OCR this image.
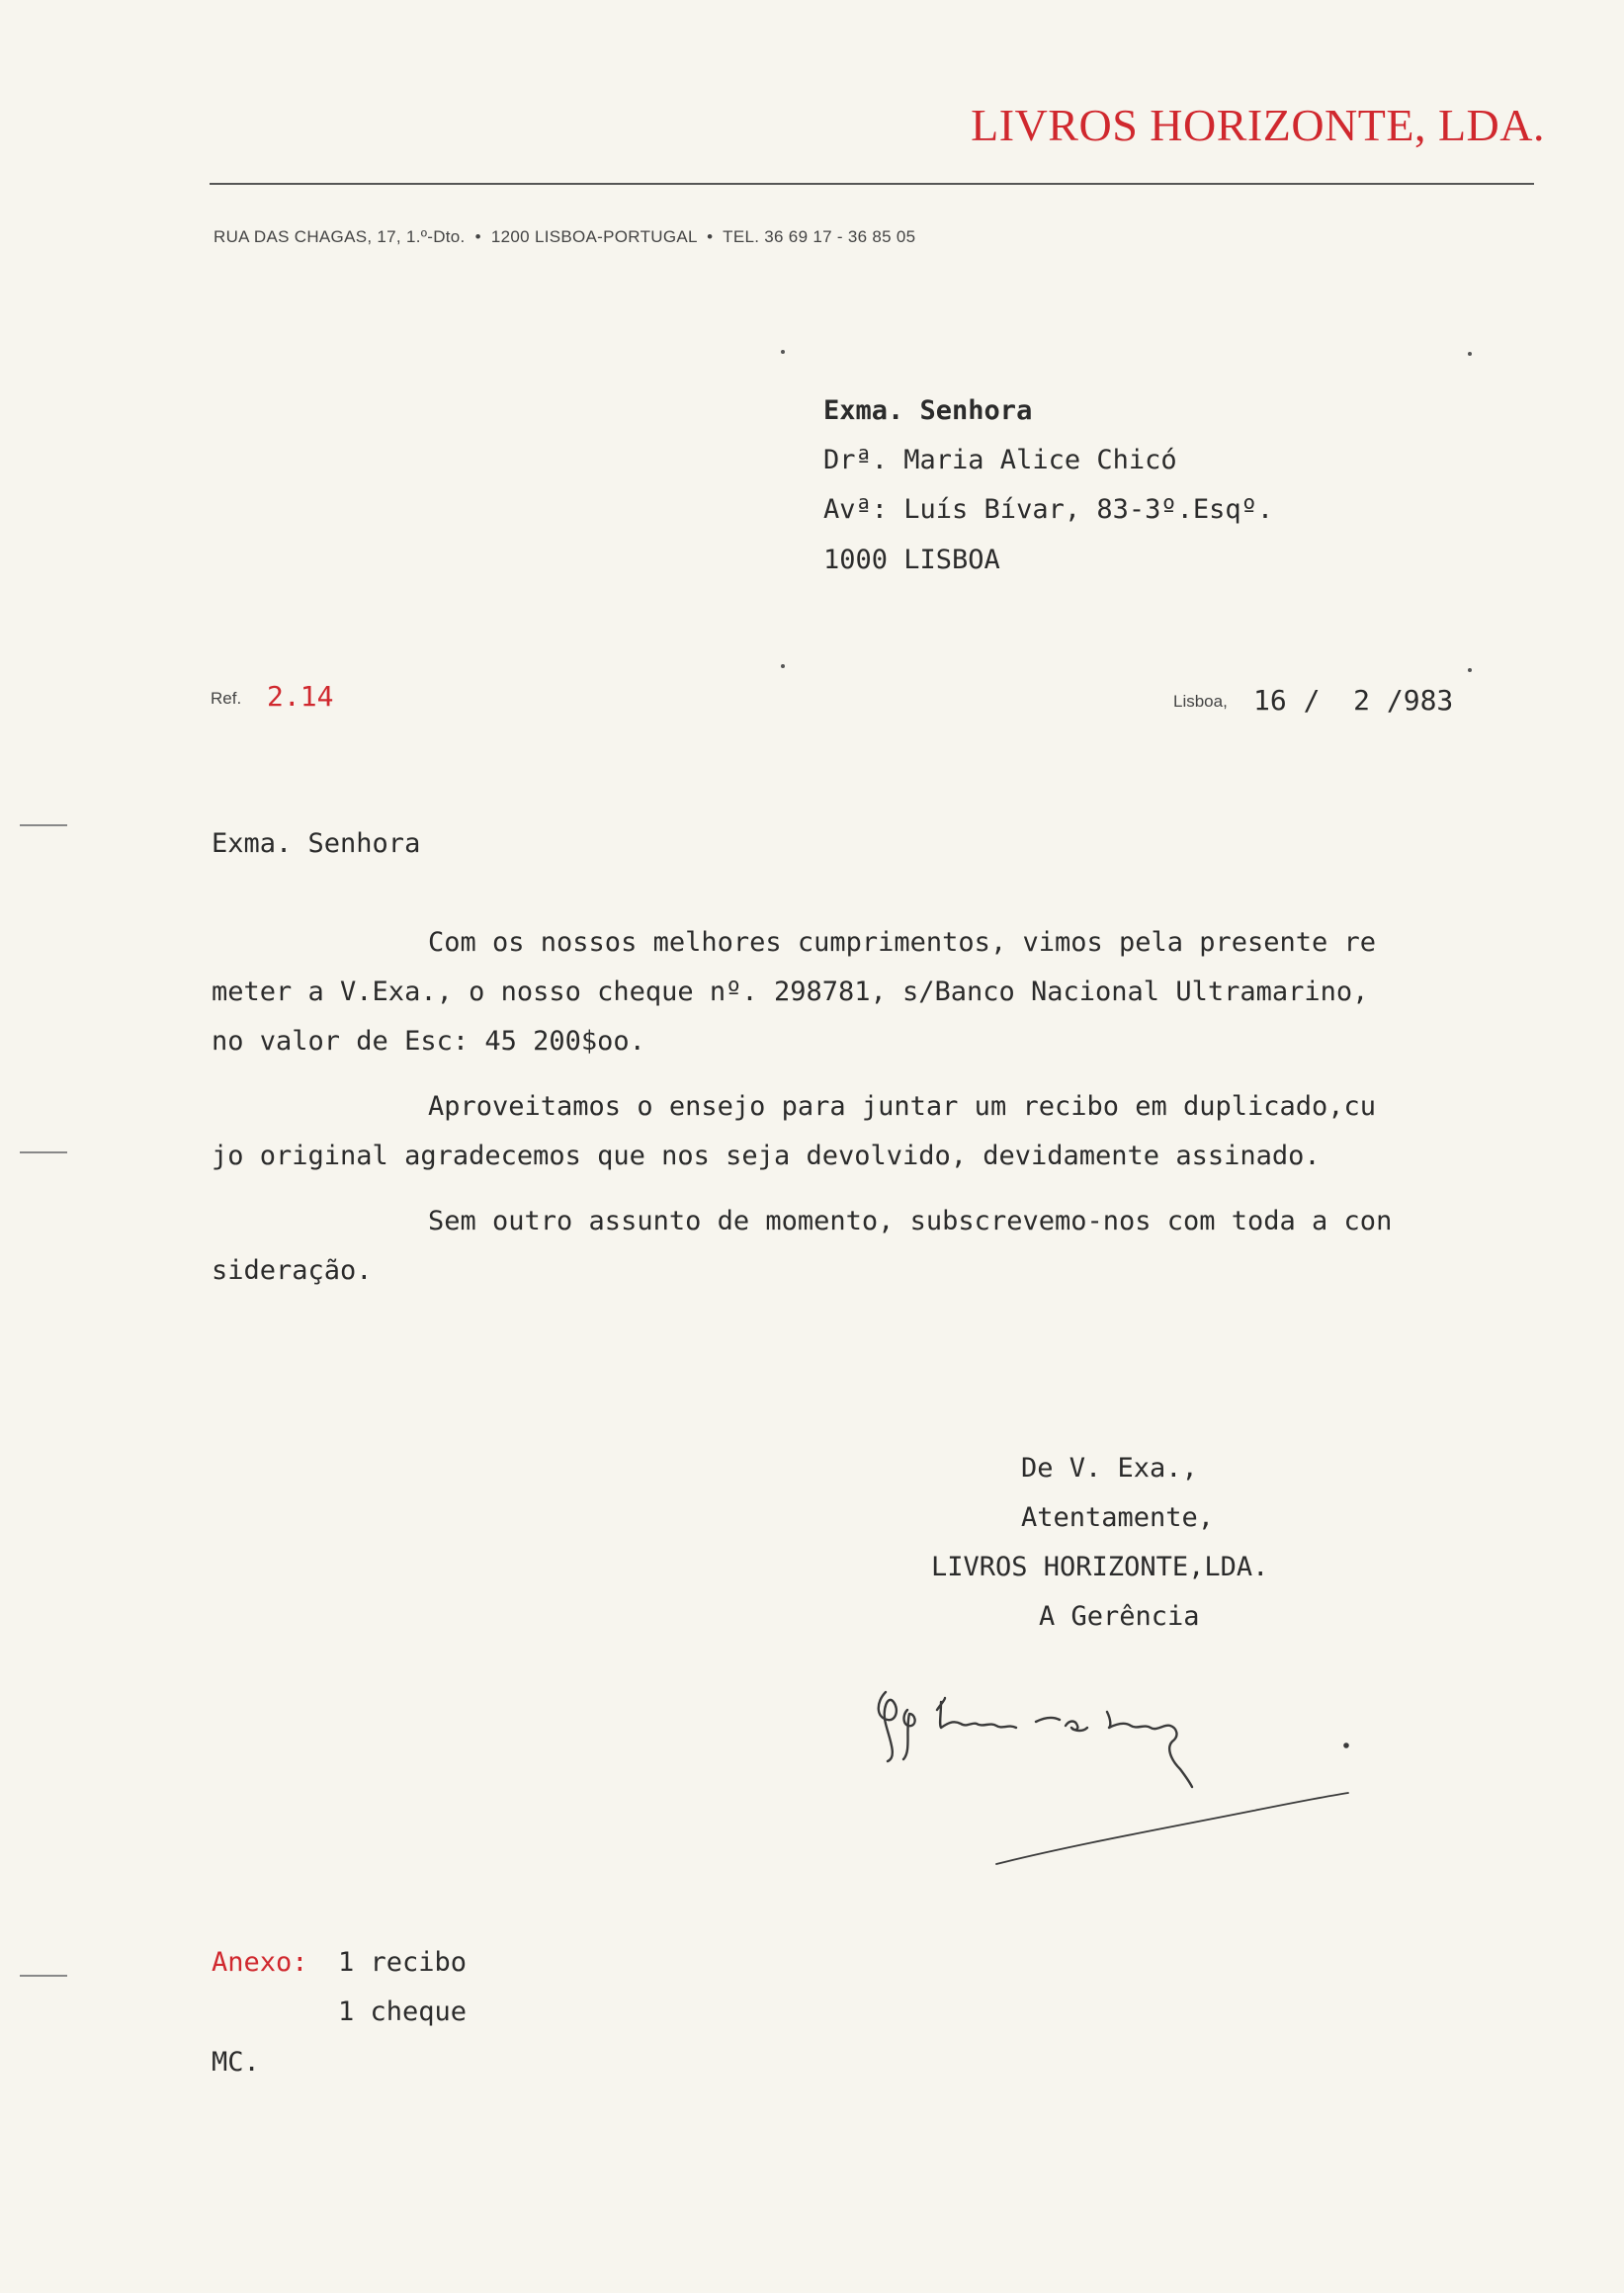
LIVROS HORIZONTE, LDA.
RUA DAS CHAGAS, 17, 1.º-Dto.  •  1200 LISBOA-PORTUGAL  •  TEL. 36 69 17 - 36 85 05
Exma. Senhora
Drª. Maria Alice Chicó
Avª: Luís Bívar, 83-3º.Esqº.
1000 LISBOA
Ref. 2.14	Lisboa, 16 /  2 /983
Exma. Senhora
Com os nossos melhores cumprimentos, vimos pela presente re
meter a V.Exa., o nosso cheque nº. 298781, s/Banco Nacional Ultramarino,
no valor de Esc: 45 200$oo.
Aproveitamos o ensejo para juntar um recibo em duplicado,cu
jo original agradecemos que nos seja devolvido, devidamente assinado.
Sem outro assunto de momento, subscrevemo-nos com toda a con
sideração.
De V. Exa.,
Atentamente,
LIVROS HORIZONTE,LDA.
A Gerência
Anexo: 1 recibo
1 cheque
MC.
